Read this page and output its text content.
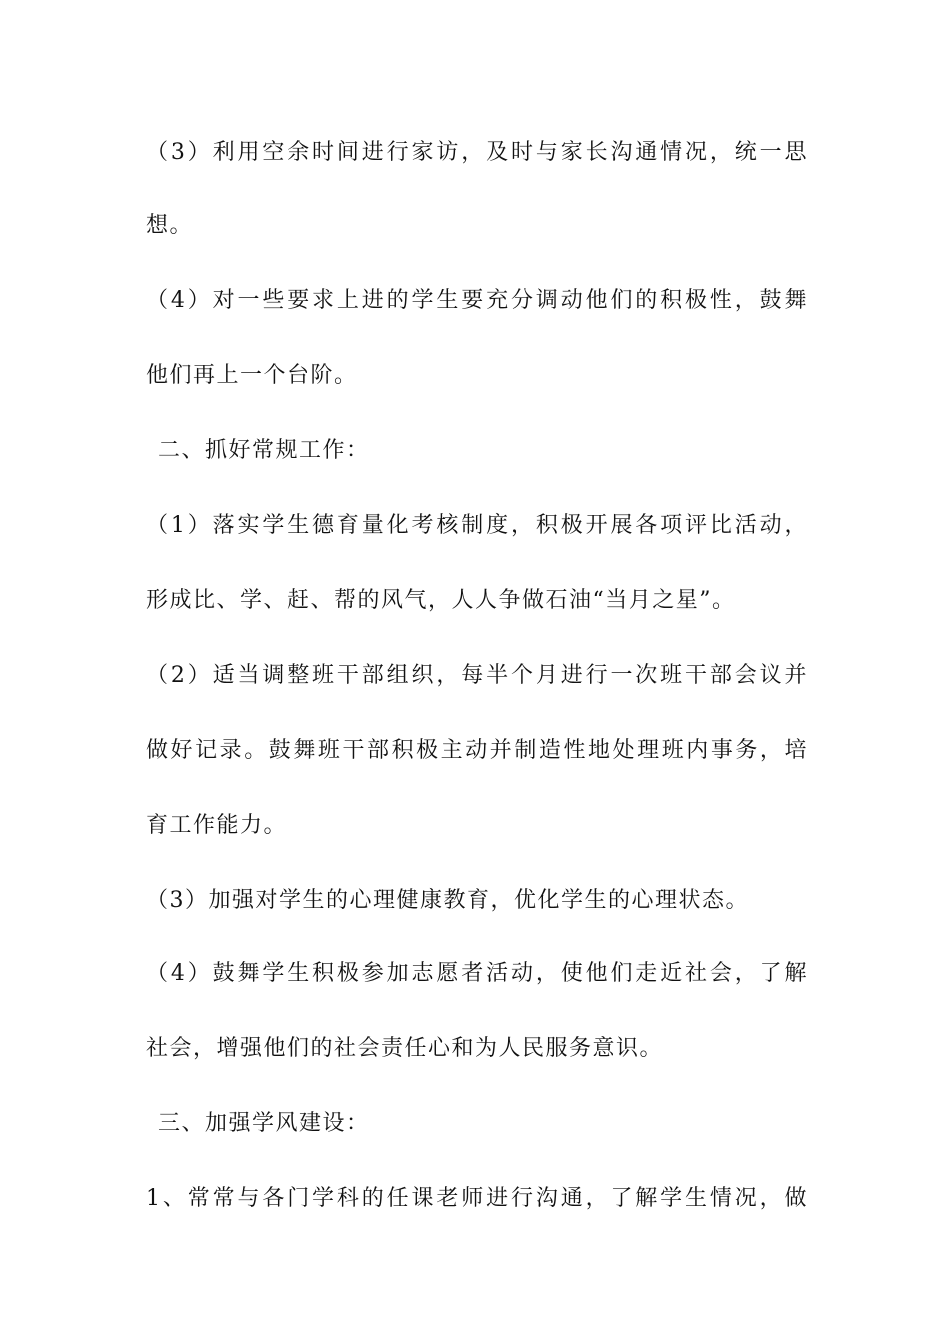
（3）利用空余时间进行家访，及时与家长沟通情况，统一思
想。
（4）对一些要求上进的学生要充分调动他们的积极性，鼓舞
他们再上一个台阶。
二、抓好常规工作：
（1）落实学生德育量化考核制度，积极开展各项评比活动，
形成比、学、赶、帮的风气，人人争做石油“当月之星”。
（2）适当调整班干部组织，每半个月进行一次班干部会议并
做好记录。鼓舞班干部积极主动并制造性地处理班内事务，培
育工作能力。
（3）加强对学生的心理健康教育，优化学生的心理状态。
（4）鼓舞学生积极参加志愿者活动，使他们走近社会，了解
社会，增强他们的社会责任心和为人民服务意识。
三、加强学风建设：
1、常常与各门学科的任课老师进行沟通，了解学生情况，做
